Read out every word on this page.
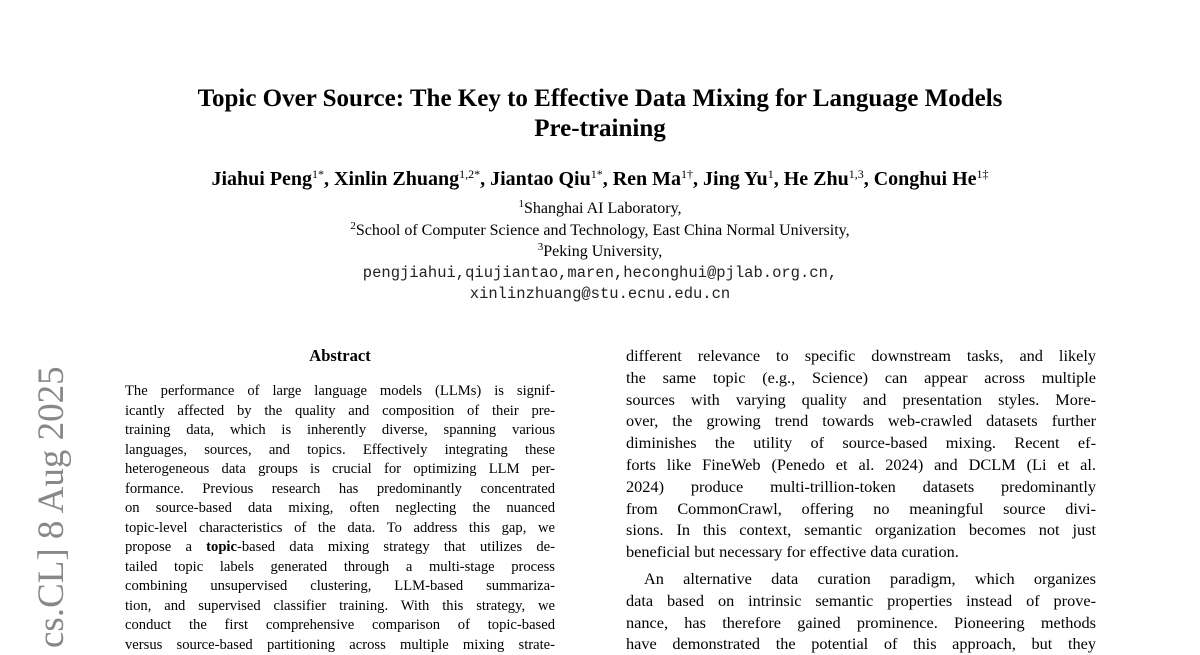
Topic Over Source: The Key to Effective Data Mixing for Language Models
Pre-training
Jiahui Peng$^{1*}$, Xinlin Zhuang$^{1,2*}$, Jiantao Qiu$^{1*}$, Ren $Ma^{1\dagger}$, Jing Yu$^1$, He Zhu$^{1,3}$, Conghui $He^{1\ddagger}$
$^1$Shanghai AI Laboratory,
$^2$School of Computer Science and Technology, East China Normal University,
$^3$Peking University,
pengjiahui,qiujiantao,maren,heconghui@pjlab.org.cn,
xinlinzhuang@stu.ecnu.edu.cn
cs.CL] 8 Aug 2025
Abstract
The performance of large language models (LLMs) is signif-
icantly affected by the quality and composition of their pre-
training data, which is inherently diverse, spanning various
languages, sources, and topics. Effectively integrating these
heterogeneous data groups is crucial for optimizing LLM per-
formance. Previous research has predominantly concentrated
on source-based data mixing, often neglecting the nuanced
topic-level characteristics of the data. To address this gap, we
propose a topic-based data mixing strategy that utilizes de-
tailed topic labels generated through a multi-stage process
combining unsupervised clustering, LLM-based summariza-
tion, and supervised classifier training. With this strategy, we
conduct the first comprehensive comparison of topic-based
versus source-based partitioning across multiple mixing strate-
different relevance to specific downstream tasks, and likely
the same topic (e.g., Science) can appear across multiple
sources with varying quality and presentation styles. More-
over, the growing trend towards web-crawled datasets further
diminishes the utility of source-based mixing. Recent ef-
forts like FineWeb (Penedo et al. 2024) and DCLM (Li et al.
2024) produce multi-trillion-token datasets predominantly
from CommonCrawl, offering no meaningful source divi-
sions. In this context, semantic organization becomes not just
beneficial but necessary for effective data curation.
An alternative data curation paradigm, which organizes
data based on intrinsic semantic properties instead of prove-
nance, has therefore gained prominence. Pioneering methods
have demonstrated the potential of this approach, but they
